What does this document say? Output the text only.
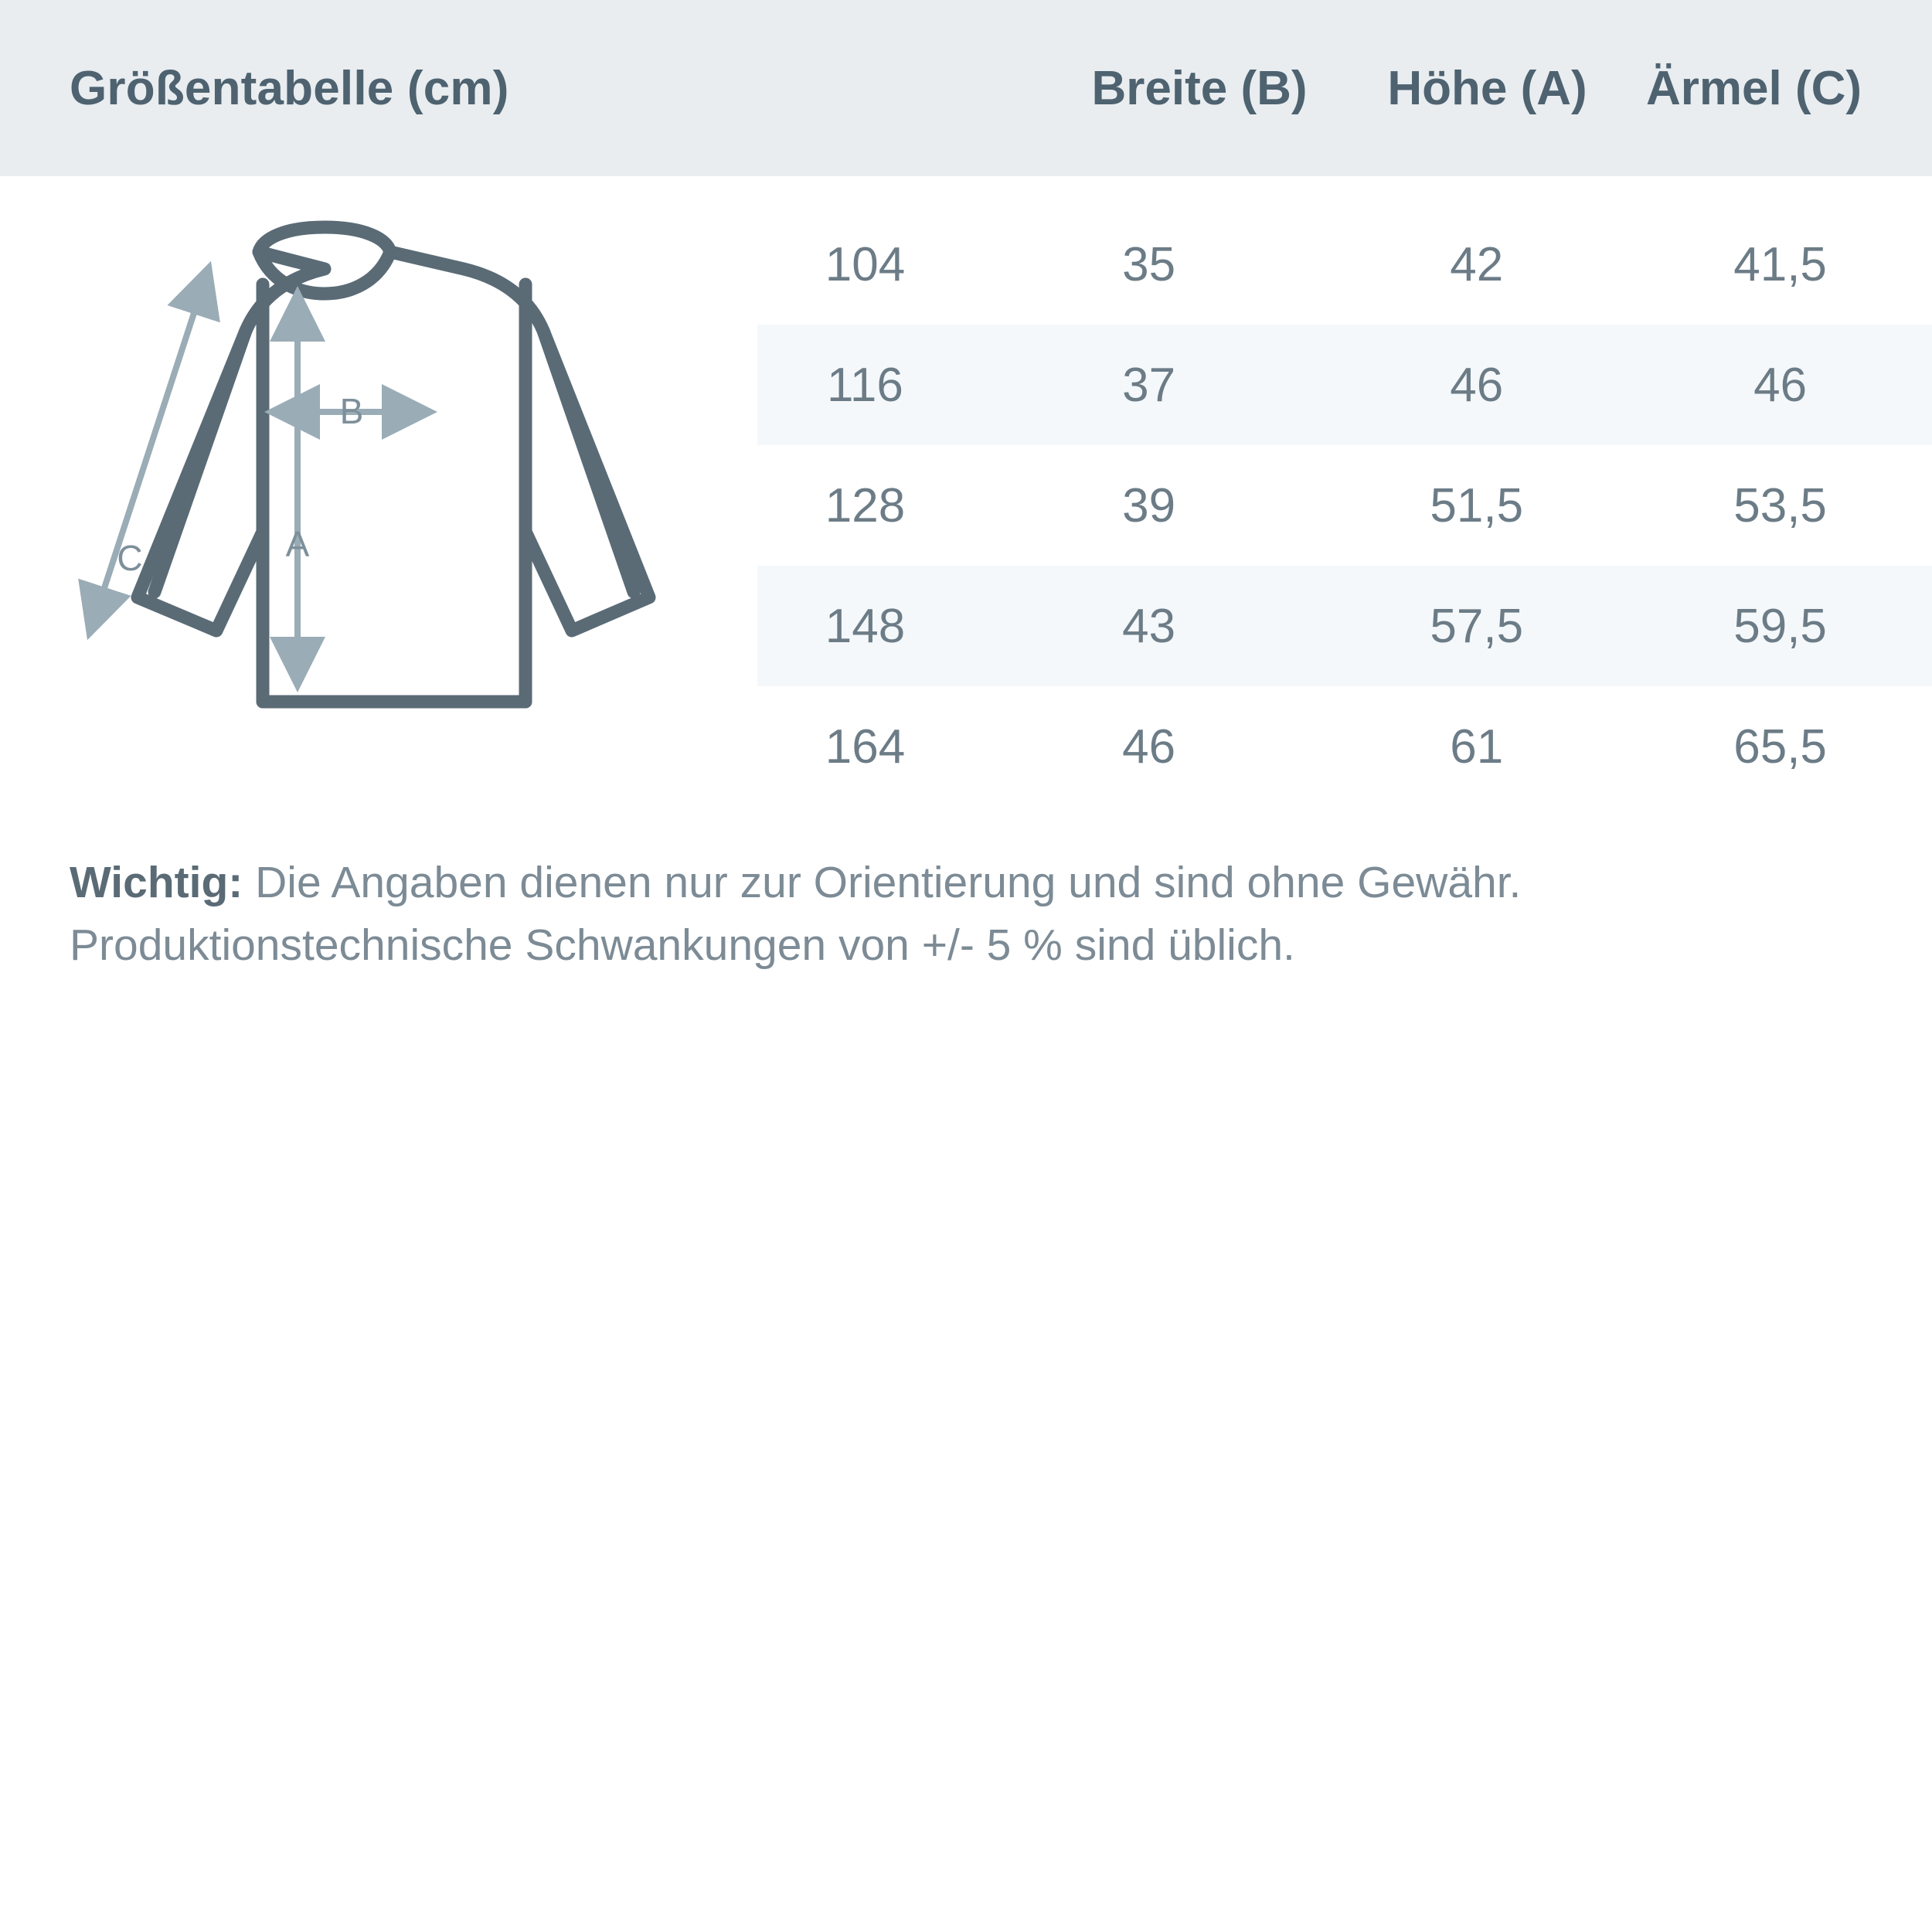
Größentabelle (cm)	Breite (B)	Höhe (A)	Ärmel (C)
B
A
C
104	35	42	41,5
116	37	46	46
128	39	51,5	53,5
148	43	57,5	59,5
164	46	61	65,5
Wichtig: Die Angaben dienen nur zur Orientierung und sind ohne Gewähr. Produktionstechnische Schwankungen von +/- 5 % sind üblich.
